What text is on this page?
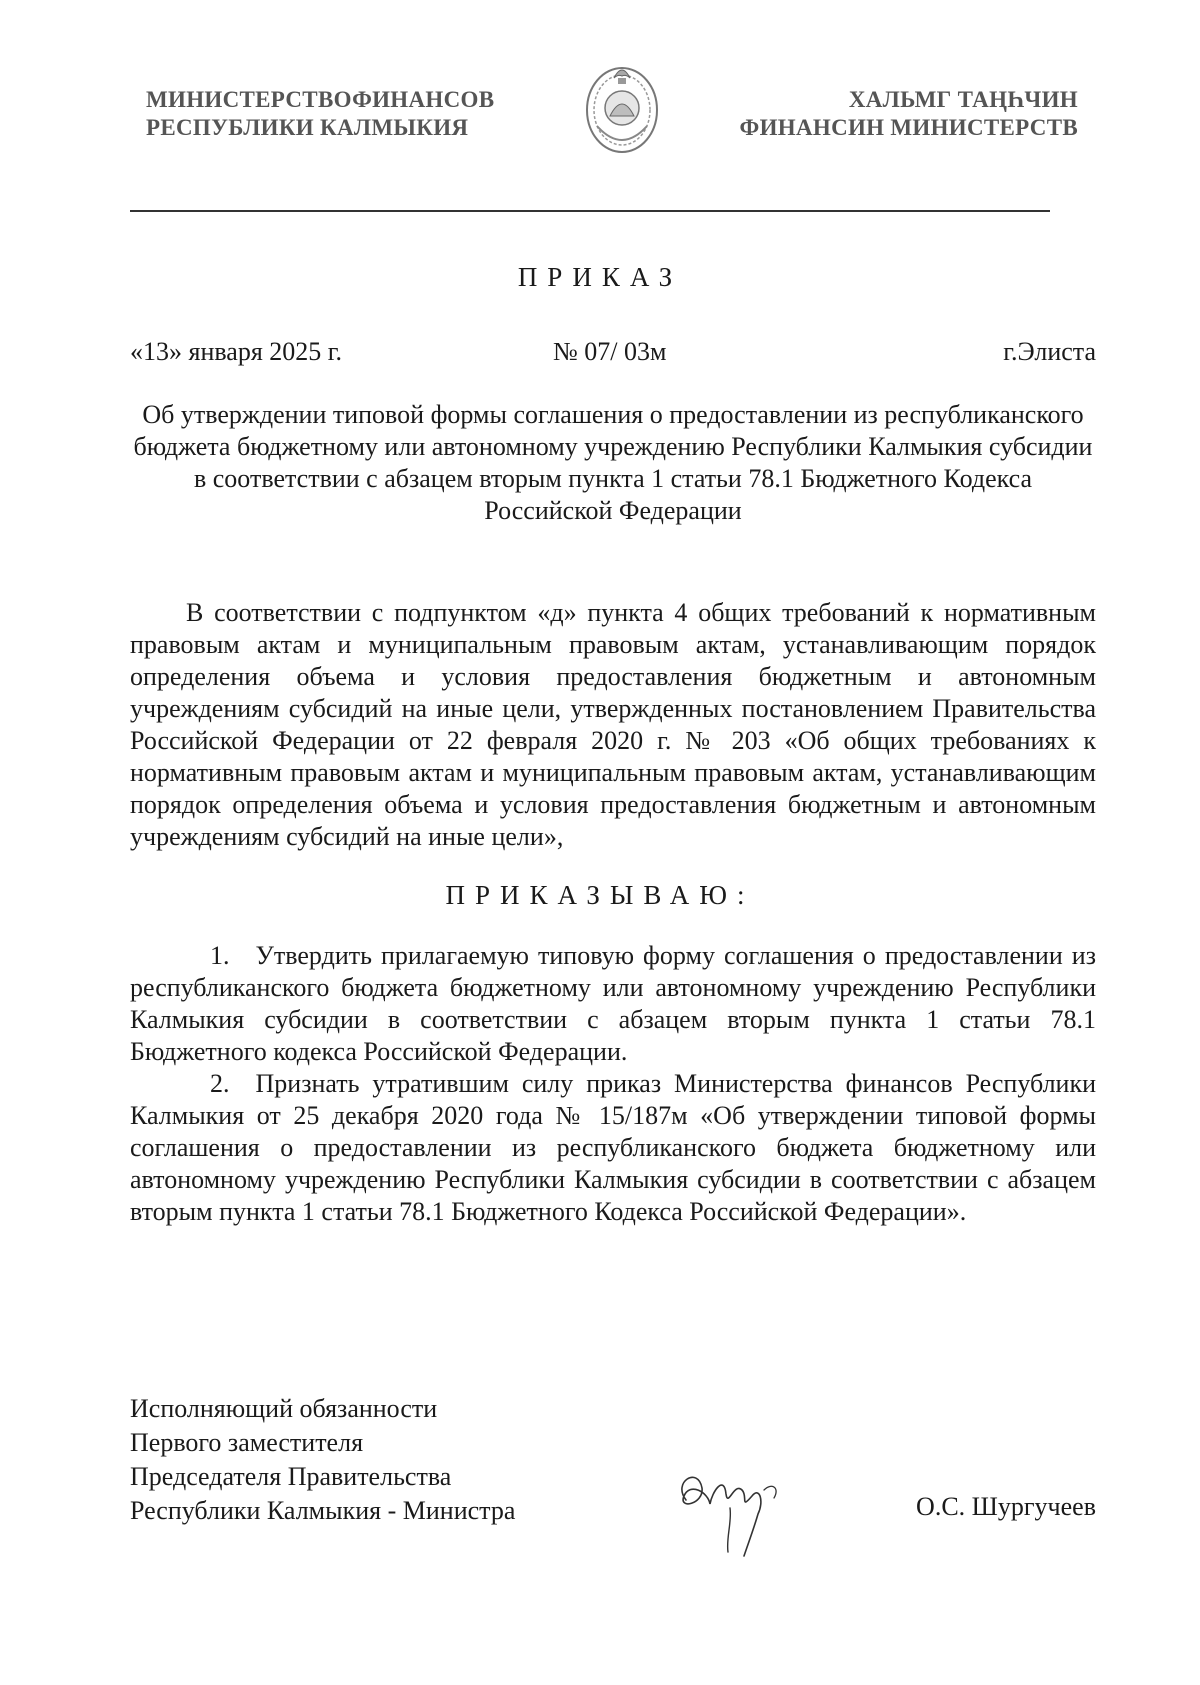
МИНИСТЕРСТВОФИНАНСОВ
РЕСПУБЛИКИ КАЛМЫКИЯ
ХАЛЬМГ ТАҢҺЧИН
ФИНАНСИН МИНИСТЕРСТВ
ПРИКАЗ
«13» января 2025 г.	№ 07/ 03м	г.Элиста
Об утверждении типовой формы соглашения о предоставлении из республиканского бюджета бюджетному или автономному учреждению Республики Калмыкия субсидии в соответствии с абзацем вторым пункта 1 статьи 78.1 Бюджетного Кодекса Российской Федерации
В соответствии с подпунктом «д» пункта 4 общих требований к нормативным правовым актам и муниципальным правовым актам, устанавливающим порядок определения объема и условия предоставления бюджетным и автономным учреждениям субсидий на иные цели, утвержденных постановлением Правительства Российской Федерации от 22 февраля 2020 г. № 203 «Об общих требованиях к нормативным правовым актам и муниципальным правовым актам, устанавливающим порядок определения объема и условия предоставления бюджетным и автономным учреждениям субсидий на иные цели»,
ПРИКАЗЫВАЮ:

1. Утвердить прилагаемую типовую форму соглашения о предоставлении из республиканского бюджета бюджетному или автономному учреждению Республики Калмыкия субсидии в соответствии с абзацем вторым пункта 1 статьи 78.1 Бюджетного кодекса Российской Федерации.

2. Признать утратившим силу приказ Министерства финансов Республики Калмыкия от 25 декабря 2020 года № 15/187м «Об утверждении типовой формы соглашения о предоставлении из республиканского бюджета бюджетному или автономному учреждению Республики Калмыкия субсидии в соответствии с абзацем вторым пункта 1 статьи 78.1 Бюджетного Кодекса Российской Федерации».

Исполняющий обязанности
Первого заместителя
Председателя Правительства
Республики Калмыкия - Министра	О.С. Шургучеев
